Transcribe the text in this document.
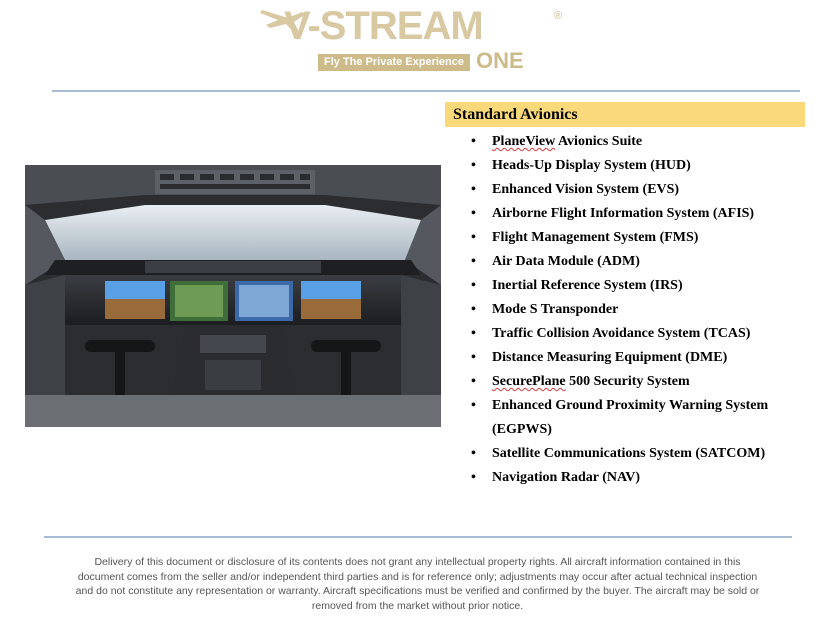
V-STREAM	®
Fly The Private Experience ONE
Standard Avionics
• PlaneView Avionics Suite
• Heads-Up Display System (HUD)
• Enhanced Vision System (EVS)
• Airborne Flight Information System (AFIS)
• Flight Management System (FMS)
• Air Data Module (ADM)
• Inertial Reference System (IRS)
• Mode S Transponder
• Traffic Collision Avoidance System (TCAS)
• Distance Measuring Equipment (DME)
• SecurePlane 500 Security System
• Enhanced Ground Proximity Warning System (EGPWS)
• Satellite Communications System (SATCOM)
• Navigation Radar (NAV)
Delivery of this document or disclosure of its contents does not grant any intellectual property rights. All aircraft information contained in this document comes from the seller and/or independent third parties and is for reference only; adjustments may occur after actual technical inspection and do not constitute any representation or warranty. Aircraft specifications must be verified and confirmed by the buyer. The aircraft may be sold or removed from the market without prior notice.
